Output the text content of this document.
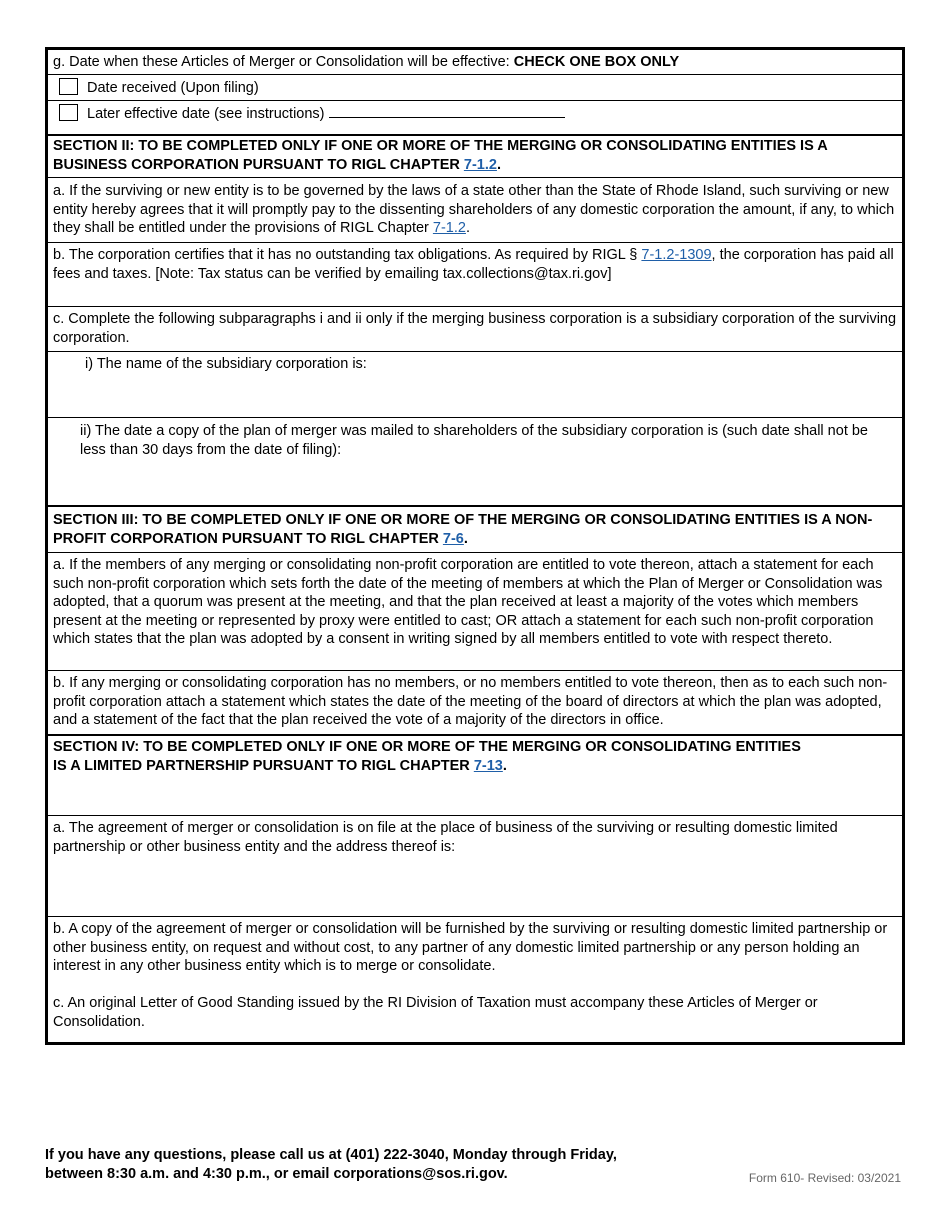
g. Date when these Articles of Merger or Consolidation will be effective: CHECK ONE BOX ONLY
Date received (Upon filing)
Later effective date (see instructions)
SECTION II: TO BE COMPLETED ONLY IF ONE OR MORE OF THE MERGING OR CONSOLIDATING ENTITIES IS A BUSINESS CORPORATION PURSUANT TO RIGL CHAPTER 7-1.2.
a. If the surviving or new entity is to be governed by the laws of a state other than the State of Rhode Island, such surviving or new entity hereby agrees that it will promptly pay to the dissenting shareholders of any domestic corporation the amount, if any, to which they shall be entitled under the provisions of RIGL Chapter 7-1.2.
b. The corporation certifies that it has no outstanding tax obligations. As required by RIGL § 7-1.2-1309, the corporation has paid all fees and taxes. [Note: Tax status can be verified by emailing tax.collections@tax.ri.gov]
c. Complete the following subparagraphs i and ii only if the merging business corporation is a subsidiary corporation of the surviving corporation.
i) The name of the subsidiary corporation is:
ii) The date a copy of the plan of merger was mailed to shareholders of the subsidiary corporation is (such date shall not be less than 30 days from the date of filing):
SECTION III: TO BE COMPLETED ONLY IF ONE OR MORE OF THE MERGING OR CONSOLIDATING ENTITIES IS A NON-PROFIT CORPORATION PURSUANT TO RIGL CHAPTER 7-6.
a. If the members of any merging or consolidating non-profit corporation are entitled to vote thereon, attach a statement for each such non-profit corporation which sets forth the date of the meeting of members at which the Plan of Merger or Consolidation was adopted, that a quorum was present at the meeting, and that the plan received at least a majority of the votes which members present at the meeting or represented by proxy were entitled to cast; OR attach a statement for each such non-profit corporation which states that the plan was adopted by a consent in writing signed by all members entitled to vote with respect thereto.
b. If any merging or consolidating corporation has no members, or no members entitled to vote thereon, then as to each such non-profit corporation attach a statement which states the date of the meeting of the board of directors at which the plan was adopted, and a statement of the fact that the plan received the vote of a majority of the directors in office.
SECTION IV: TO BE COMPLETED ONLY IF ONE OR MORE OF THE MERGING OR CONSOLIDATING ENTITIES
IS A LIMITED PARTNERSHIP PURSUANT TO RIGL CHAPTER 7-13.
a. The agreement of merger or consolidation is on file at the place of business of the surviving or resulting domestic limited partnership or other business entity and the address thereof is:
b. A copy of the agreement of merger or consolidation will be furnished by the surviving or resulting domestic limited partnership or other business entity, on request and without cost, to any partner of any domestic limited partnership or any person holding an interest in any other business entity which is to merge or consolidate.
c. An original Letter of Good Standing issued by the RI Division of Taxation must accompany these Articles of Merger or Consolidation.
If you have any questions, please call us at (401) 222-3040, Monday through Friday,
between 8:30 a.m. and 4:30 p.m., or email corporations@sos.ri.gov.	Form 610- Revised: 03/2021
